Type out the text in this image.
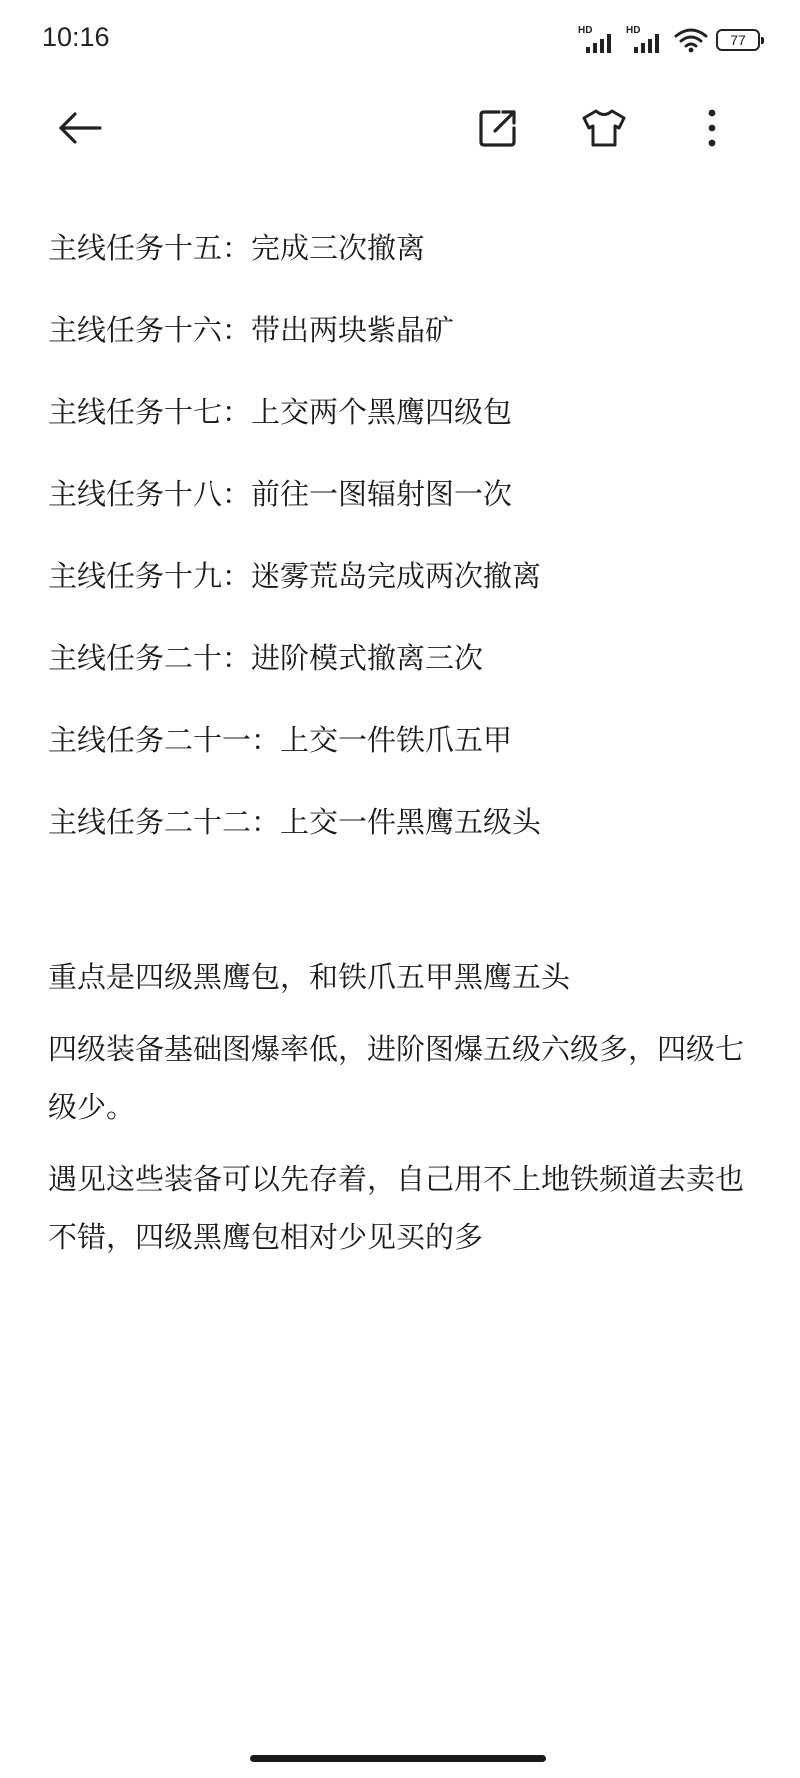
10:16	HD	HD
77

主线任务十五：完成三次撤离

主线任务十六：带出两块紫晶矿

主线任务十七：上交两个黑鹰四级包

主线任务十八：前往一图辐射图一次

主线任务十九：迷雾荒岛完成两次撤离

主线任务二十：进阶模式撤离三次

主线任务二十一：上交一件铁爪五甲

主线任务二十二：上交一件黑鹰五级头

重点是四级黑鹰包，和铁爪五甲黑鹰五头

四级装备基础图爆率低，进阶图爆五级六级多，四级七级少。

遇见这些装备可以先存着，自己用不上地铁频道去卖也不错，四级黑鹰包相对少见买的多
